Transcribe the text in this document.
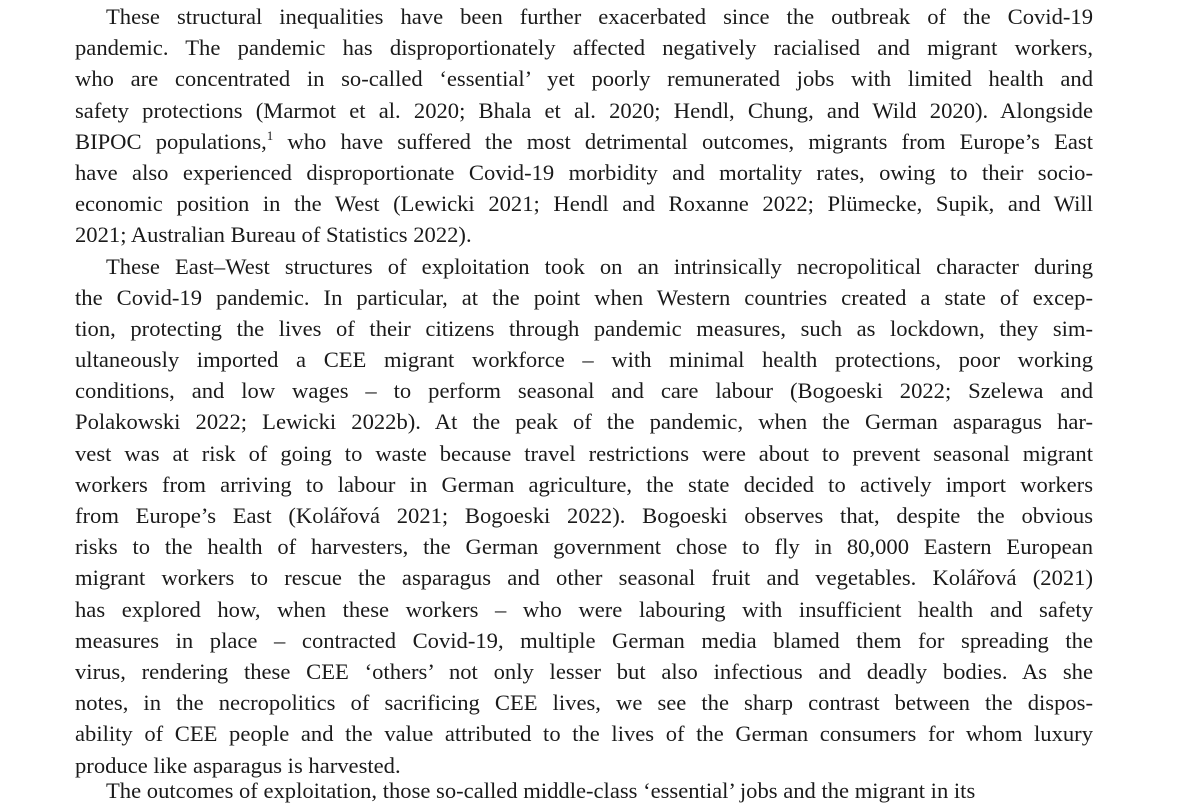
These structural inequalities have been further exacerbated since the outbreak of the Covid-19
pandemic. The pandemic has disproportionately affected negatively racialised and migrant workers,
who are concentrated in so-called ‘essential’ yet poorly remunerated jobs with limited health and
safety protections (Marmot et al. 2020; Bhala et al. 2020; Hendl, Chung, and Wild 2020). Alongside
BIPOC populations,$^1$ who have suffered the most detrimental outcomes, migrants from Europe’s East
have also experienced disproportionate Covid-19 morbidity and mortality rates, owing to their socio-
economic position in the West (Lewicki 2021; Hendl and Roxanne 2022; Plümecke, Supik, and Will
2021; Australian Bureau of Statistics 2022).
These East–West structures of exploitation took on an intrinsically necropolitical character during
the Covid-19 pandemic. In particular, at the point when Western countries created a state of excep-
tion, protecting the lives of their citizens through pandemic measures, such as lockdown, they sim-
ultaneously imported a CEE migrant workforce – with minimal health protections, poor working
conditions, and low wages – to perform seasonal and care labour (Bogoeski 2022; Szelewa and
Polakowski 2022; Lewicki 2022b). At the peak of the pandemic, when the German asparagus har-
vest was at risk of going to waste because travel restrictions were about to prevent seasonal migrant
workers from arriving to labour in German agriculture, the state decided to actively import workers
from Europe’s East (Kolářová 2021; Bogoeski 2022). Bogoeski observes that, despite the obvious
risks to the health of harvesters, the German government chose to fly in 80,000 Eastern European
migrant workers to rescue the asparagus and other seasonal fruit and vegetables. Kolářová (2021)
has explored how, when these workers – who were labouring with insufficient health and safety
measures in place – contracted Covid-19, multiple German media blamed them for spreading the
virus, rendering these CEE ‘others’ not only lesser but also infectious and deadly bodies. As she
notes, in the necropolitics of sacrificing CEE lives, we see the sharp contrast between the dispos-
ability of CEE people and the value attributed to the lives of the German consumers for whom luxury
produce like asparagus is harvested.
The outcomes of exploitation, those so-called middle-class ‘essential’ jobs and the migrant in its
